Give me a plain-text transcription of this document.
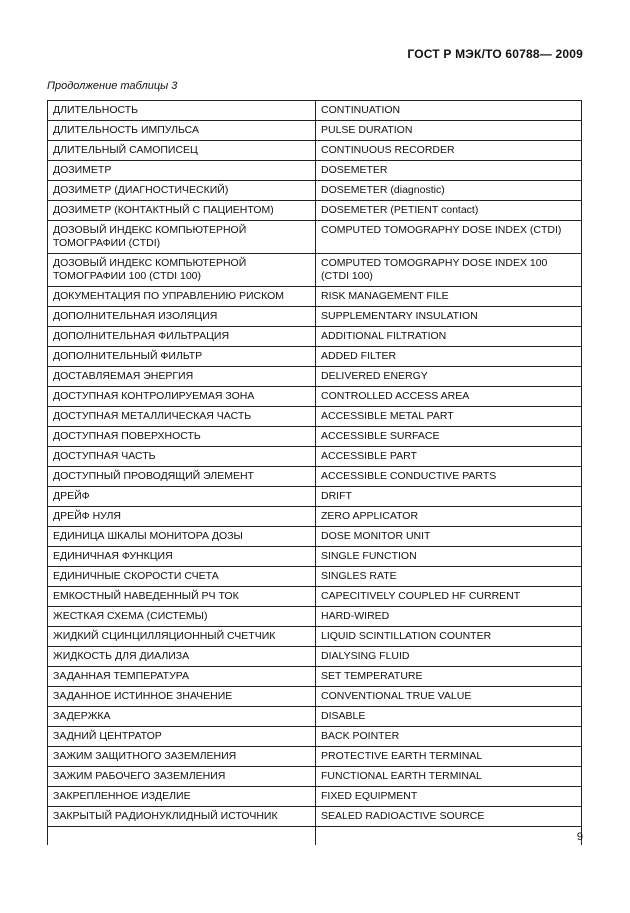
ГОСТ Р МЭК/ТО 60788— 2009
Продолжение таблицы 3
ДЛИТЕЛЬНОСТЬ	CONTINUATION
ДЛИТЕЛЬНОСТЬ ИМПУЛЬСА	PULSE DURATION
ДЛИТЕЛЬНЫЙ САМОПИСЕЦ	CONTINUOUS RECORDER
ДОЗИМЕТР	DOSEMETER
ДОЗИМЕТР (ДИАГНОСТИЧЕСКИЙ)	DOSEMETER (diagnostic)
ДОЗИМЕТР (КОНТАКТНЫЙ С ПАЦИЕНТОМ)	DOSEMETER (PETIENT contact)
ДОЗОВЫЙ ИНДЕКС КОМПЬЮТЕРНОЙ ТОМОГРАФИИ (CTDI)	COMPUTED TOMOGRAPHY DOSE INDEX (CTDI)
ДОЗОВЫЙ ИНДЕКС КОМПЬЮТЕРНОЙ ТОМОГРАФИИ 100 (CTDI 100)	COMPUTED TOMOGRAPHY DOSE INDEX 100 (CTDI 100)
ДОКУМЕНТАЦИЯ ПО УПРАВЛЕНИЮ РИСКОМ	RISK MANAGEMENT FILE
ДОПОЛНИТЕЛЬНАЯ ИЗОЛЯЦИЯ	SUPPLEMENTARY INSULATION
ДОПОЛНИТЕЛЬНАЯ ФИЛЬТРАЦИЯ	ADDITIONAL FILTRATION
ДОПОЛНИТЕЛЬНЫЙ ФИЛЬТР	ADDED FILTER
ДОСТАВЛЯЕМАЯ ЭНЕРГИЯ	DELIVERED ENERGY
ДОСТУПНАЯ КОНТРОЛИРУЕМАЯ ЗОНА	CONTROLLED ACCESS AREA
ДОСТУПНАЯ МЕТАЛЛИЧЕСКАЯ ЧАСТЬ	ACCESSIBLE METAL PART
ДОСТУПНАЯ ПОВЕРХНОСТЬ	ACCESSIBLE SURFACE
ДОСТУПНАЯ ЧАСТЬ	ACCESSIBLE PART
ДОСТУПНЫЙ ПРОВОДЯЩИЙ ЭЛЕМЕНТ	ACCESSIBLE CONDUCTIVE PARTS
ДРЕЙФ	DRIFT
ДРЕЙФ НУЛЯ	ZERO APPLICATOR
ЕДИНИЦА ШКАЛЫ МОНИТОРА ДОЗЫ	DOSE MONITOR UNIT
ЕДИНИЧНАЯ ФУНКЦИЯ	SINGLE FUNCTION
ЕДИНИЧНЫЕ СКОРОСТИ СЧЕТА	SINGLES RATE
ЕМКОСТНЫЙ НАВЕДЕННЫЙ РЧ ТОК	CAPECITIVELY COUPLED HF CURRENT
ЖЕСТКАЯ СХЕМА (СИСТЕМЫ)	HARD-WIRED
ЖИДКИЙ СЦИНЦИЛЛЯЦИОННЫЙ СЧЕТЧИК	LIQUID SCINTILLATION COUNTER
ЖИДКОСТЬ ДЛЯ ДИАЛИЗА	DIALYSING FLUID
ЗАДАННАЯ ТЕМПЕРАТУРА	SET TEMPERATURE
ЗАДАННОЕ ИСТИННОЕ ЗНАЧЕНИЕ	CONVENTIONAL TRUE VALUE
ЗАДЕРЖКА	DISABLE
ЗАДНИЙ ЦЕНТРАТОР	BACK POINTER
ЗАЖИМ ЗАЩИТНОГО ЗАЗЕМЛЕНИЯ	PROTECTIVE EARTH TERMINAL
ЗАЖИМ РАБОЧЕГО ЗАЗЕМЛЕНИЯ	FUNCTIONAL EARTH TERMINAL
ЗАКРЕПЛЕННОЕ ИЗДЕЛИЕ	FIXED EQUIPMENT
ЗАКРЫТЫЙ РАДИОНУКЛИДНЫЙ ИСТОЧНИК	SEALED RADIOACTIVE SOURCE

9
